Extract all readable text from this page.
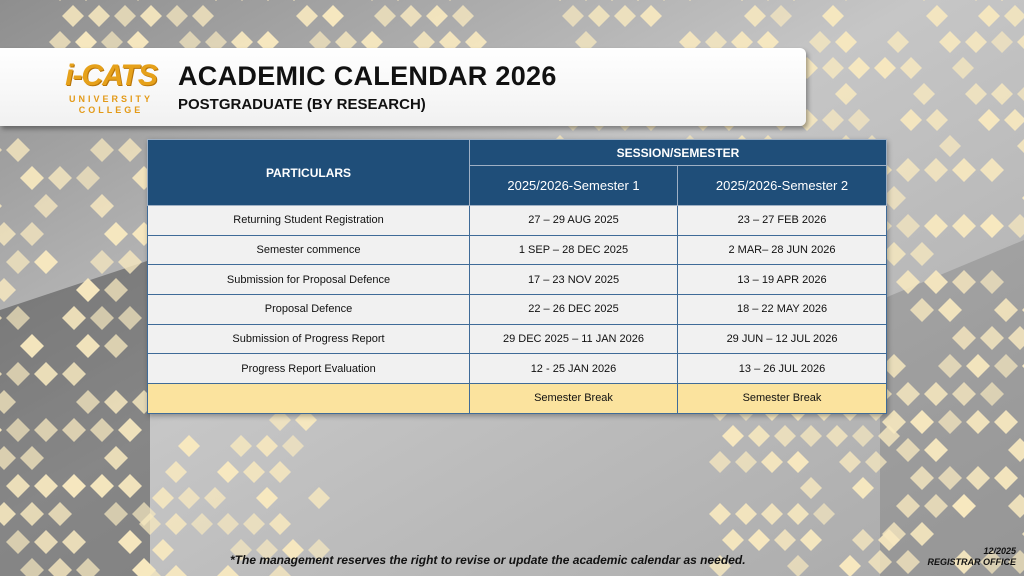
i-CATS
UNIVERSITY
COLLEGE
ACADEMIC CALENDAR 2026
POSTGRADUATE (BY RESEARCH)
PARTICULARS	SESSION/SEMESTER	
	2025/2026-Semester 1	2025/2026-Semester 2
Returning Student Registration	27 – 29 AUG 2025	23 – 27 FEB 2026
Semester commence	1 SEP – 28 DEC 2025	2 MAR– 28 JUN 2026
Submission for Proposal Defence	17 – 23 NOV 2025	13 – 19 APR 2026
Proposal Defence	22 – 26 DEC 2025	18 – 22 MAY 2026
Submission of Progress Report	29 DEC 2025 – 11 JAN 2026	29 JUN – 12 JUL 2026
Progress Report Evaluation	12 - 25 JAN 2026	13 – 26 JUL 2026
	Semester Break	Semester Break
*The management reserves the right to revise or update the academic calendar as needed.
12/2025
REGISTRAR OFFICE
